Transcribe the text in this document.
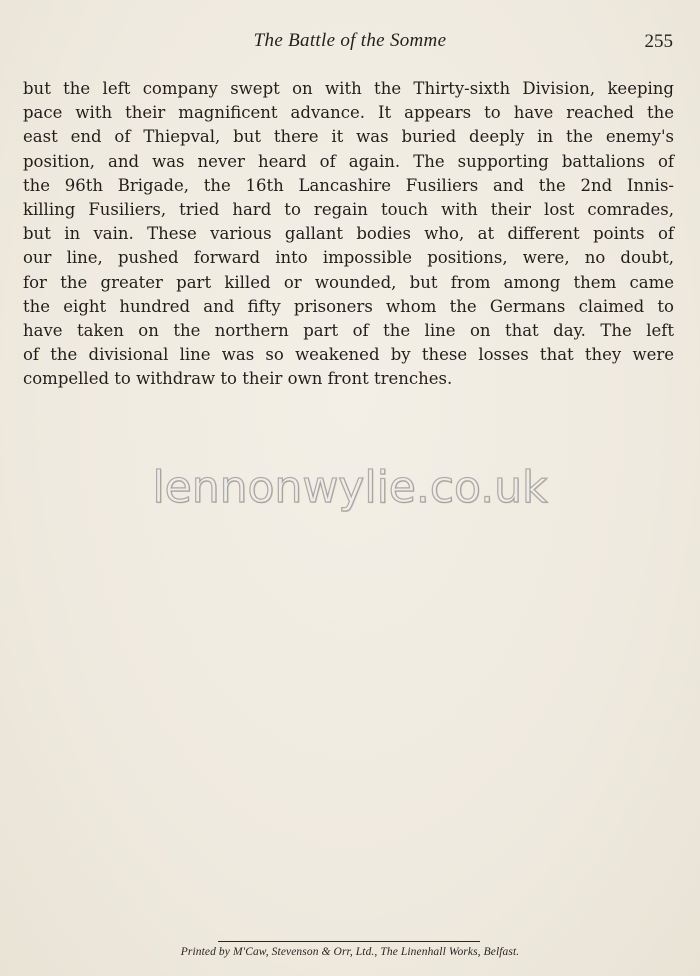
The Battle of the Somme	255
but the left company swept on with the Thirty-sixth Division, keeping
pace with their magnificent advance. It appears to have reached the
east end of Thiepval, but there it was buried deeply in the enemy's
position, and was never heard of again. The supporting battalions of
the 96th Brigade, the 16th Lancashire Fusiliers and the 2nd Innis-
killing Fusiliers, tried hard to regain touch with their lost comrades,
but in vain. These various gallant bodies who, at different points of
our line, pushed forward into impossible positions, were, no doubt,
for the greater part killed or wounded, but from among them came
the eight hundred and fifty prisoners whom the Germans claimed to
have taken on the northern part of the line on that day. The left
of the divisional line was so weakened by these losses that they were
compelled to withdraw to their own front trenches.
lennonwylie.co.uk
Printed by M'Caw, Stevenson & Orr, Ltd., The Linenhall Works, Belfast.
